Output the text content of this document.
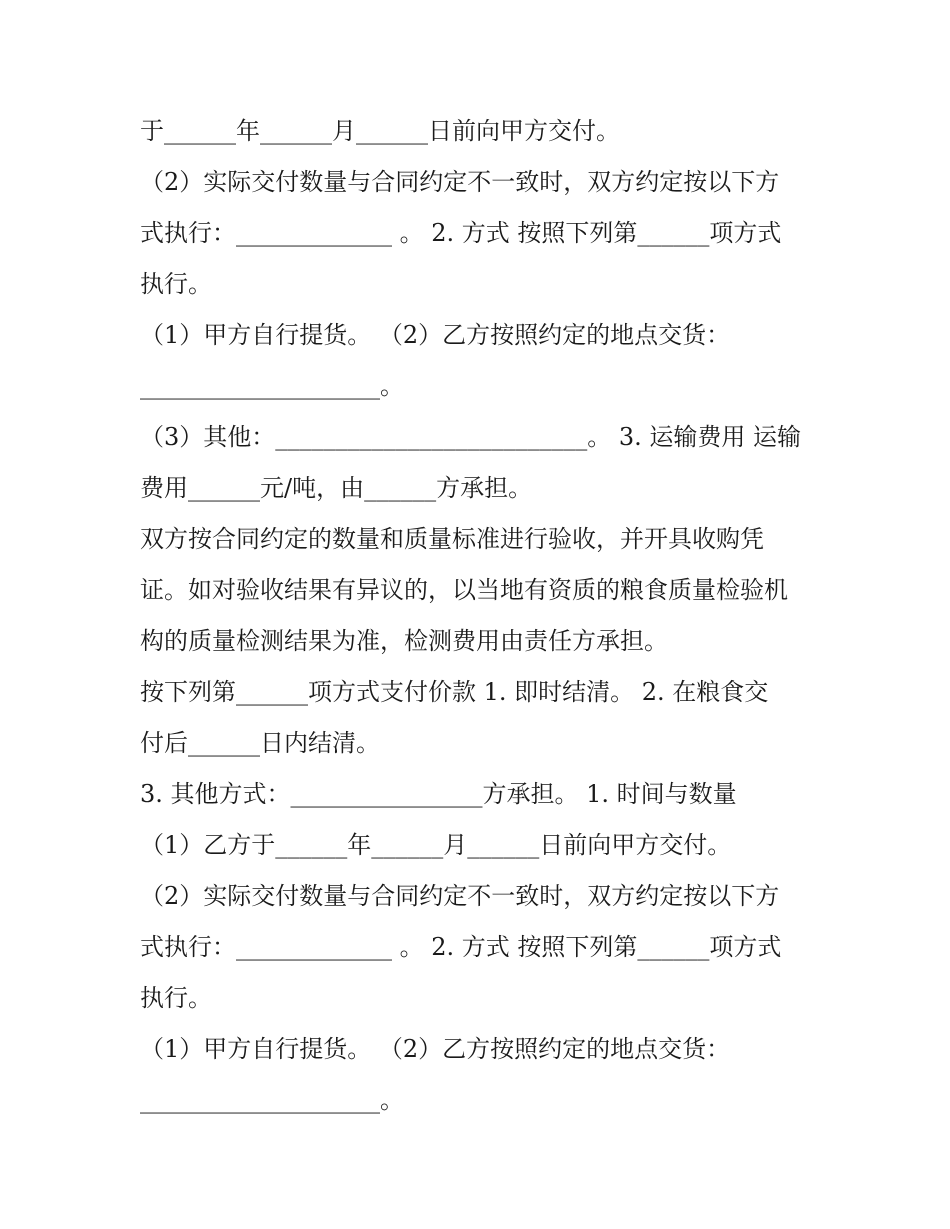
于______年______月______日前向甲方交付。
（2）实际交付数量与合同约定不一致时，双方约定按以下方
式执行：_____________ 。 2. 方式 按照下列第______项方式
执行。
（1）甲方自行提货。 （2）乙方按照约定的地点交货：
____________________。
（3）其他：__________________________。 3. 运输费用 运输
费用______元/吨，由______方承担。
双方按合同约定的数量和质量标准进行验收，并开具收购凭
证。如对验收结果有异议的，以当地有资质的粮食质量检验机
构的质量检测结果为准，检测费用由责任方承担。
按下列第______项方式支付价款 1. 即时结清。 2. 在粮食交
付后______日内结清。
3. 其他方式：________________方承担。 1. 时间与数量
（1）乙方于______年______月______日前向甲方交付。
（2）实际交付数量与合同约定不一致时，双方约定按以下方
式执行：_____________ 。 2. 方式 按照下列第______项方式
执行。
（1）甲方自行提货。 （2）乙方按照约定的地点交货：
____________________。
